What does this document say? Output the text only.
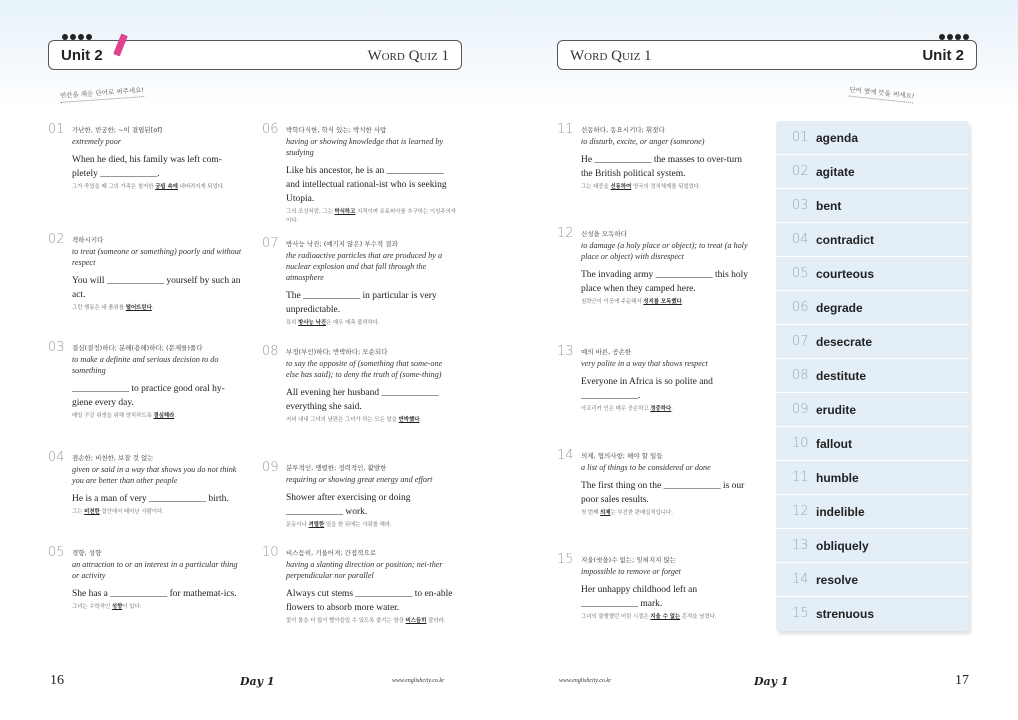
Unit 2	Word Quiz 1
빈칸을 채운 단어로 써주세요!
01 가난한, 빈궁한; ~이 결핍된[of]
extremely poor
When he died, his family was left com-pletely ____________.
그가 죽었을 때 그의 가족은 철저한 궁핍 속에 내버려지게 되었다.
02 격하시키다
to treat (someone or something) poorly and without respect
You will ____________ yourself by such an act.
그런 행동은 네 품위를 떨어뜨린다.
03 결심(결정)하다; 분해(용해)하다; (문제를)풀다
to make a definite and serious decision to do something
____________ to practice good oral hy-giene every day.
매일 구강 위생을 위해 양치하도록 결심해라.
04 겸손한; 비천한, 보잘 것 없는
given or said in a way that shows you do not think you are better than other people
He is a man of very ____________ birth.
그는 비천한 집안에서 태어난 사람이다.
05 경향, 성향
an attraction to or an interest in a particular thing or activity
She has a ____________ for mathemat-ics.
그녀는 수학적인 성향이 있다.
06 박학다식한, 학식 있는; 박식한 사람
having or showing knowledge that is learned by studying
Like his ancestor, he is an ____________ and intellectual rational-ist who is seeking Utopia.
그의 조상처럼, 그는 박식하고 지적이며 유토피아를 추구하는 이성주의자이다.
07 방사능 낙진; (예기지 않은) 부수적 결과
the radioactive particles that are produced by a nuclear explosion and that fall through the atmosphere
The ____________ in particular is very unpredictable.
특히 방사능 낙진은 매우 예측 불허하다.
08 부정(부인)하다; 반박하다; 모순되다
to say the opposite of (something that some-one else has said); to deny the truth of (some-thing)
All evening her husband ____________ everything she said.
저녁 내내 그녀의 남편은 그녀가 하는 모든 말을 반박했다.
09 분투적인, 맹렬한; 정력적인, 활발한
requiring or showing great energy and effort
Shower after exercising or doing ____________ work.
운동이나 격렬한 일을 한 뒤에는 샤워를 해라.
10 비스듬히, 기울어져; 간접적으로
having a slanting direction or position; nei-ther perpendicular nor parallel
Always cut stems ____________ to en-able flowers to absorb more water.
꽃이 물을 더 많이 빨아들일 수 있도록 줄기는 항상 비스듬히 잘라라.
16	Day 1	www.englishcity.co.kr
Word Quiz 1	Unit 2
단어 옆에 뜻을 써세요!
11 선동하다, 동요시키다; 휘젓다
to disturb, excite, or anger (someone)
He ____________ the masses to over-turn the British political system.
그는 대중을 선동하여 영국의 정치체제를 뒤엎었다.
12 신성을 모독하다
to damage (a holy place or object); to treat (a holy place or object) with disrespect
The invading army ____________ this holy place when they camped here.
침략군이 이곳에 주둔해서 성지를 모독했다.
13 예의 바른, 공손한
very polite in a way that shows respect
Everyone in Africa is so polite and ____________.
아프리카 인은 매우 공손하고 정중하다.
14 의제, 협의사항; 해야 할 일들
a list of things to be considered or done
The first thing on the ____________ is our poor sales results.
첫 번째 의제는 부진한 판매실적입니다.
15 지울(씻을)수 없는; 잊혀지지 않는
impossible to remove or forget
Her unhappy childhood left an ____________ mark.
그녀의 불행했던 어린 시절은 지울 수 없는 흔적을 남겼다.
01 agenda
02 agitate
03 bent
04 contradict
05 courteous
06 degrade
07 desecrate
08 destitute
09 erudite
10 fallout
11 humble
12 indelible
13 obliquely
14 resolve
15 strenuous
www.englishcity.co.kr	Day 1	17
